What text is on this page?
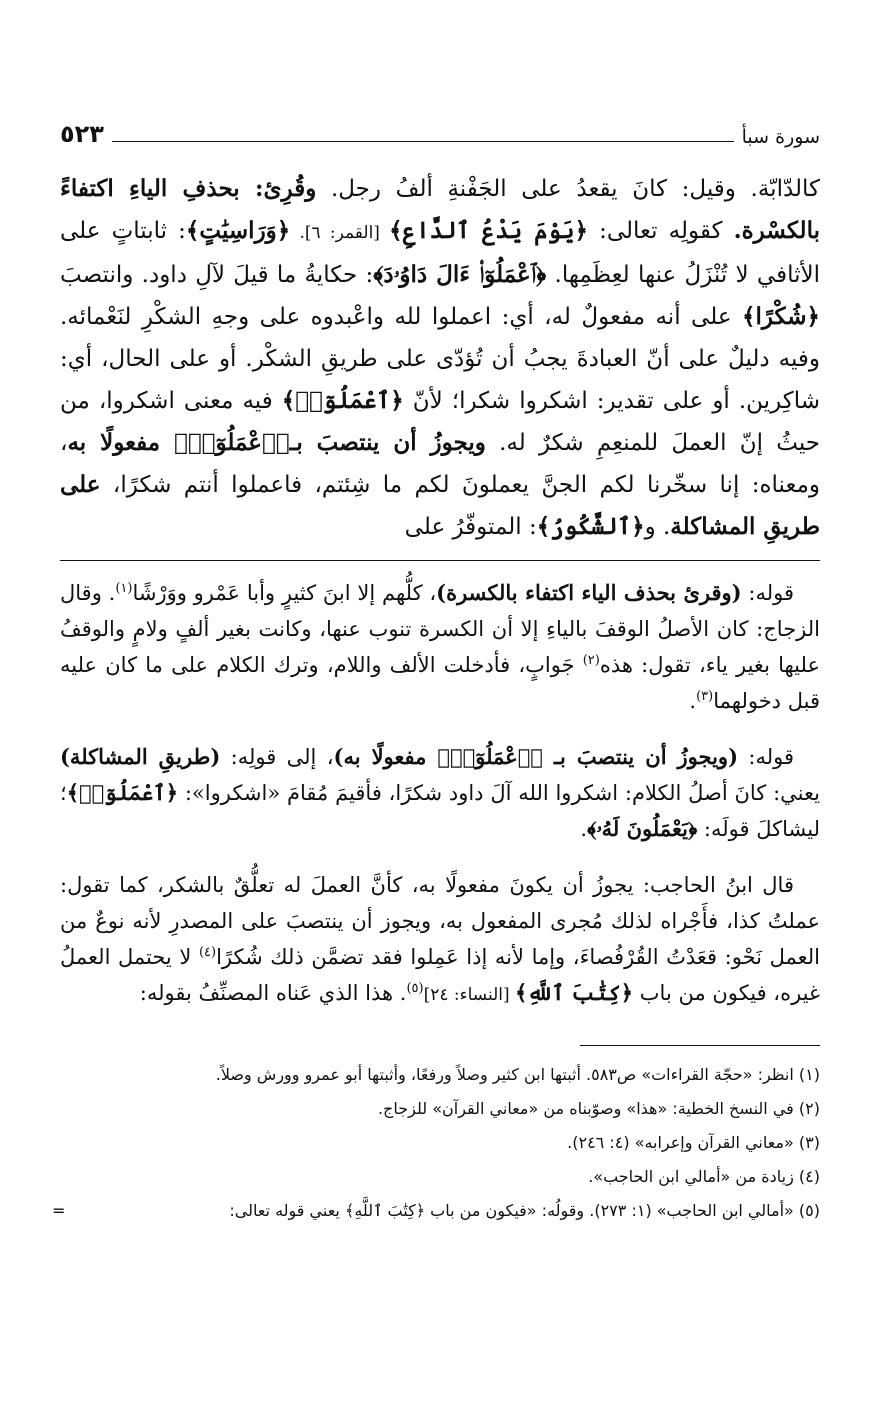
سورة سبأ
٥٢٣
كالدّابّة. وقيل: كانَ يقعدُ على الجَفْنةِ ألفُ رجل. وقُرِئ: بحذفِ الياءِ اكتفاءً بالكسْرة. كقولِه تعالى: ﴿يَوْمَ يَدْعُ ٱلدَّاعِ﴾ [القمر: ٦]. ﴿وَرَاسِيَٰتٍ﴾: ثابتاتٍ على الأثافي لا تُنْزَلُ عنها لعِظَمِها. ﴿ٱعْمَلُوٓا۟ ءَالَ دَاوُۥدَ﴾: حكايةُ ما قيلَ لآلِ داود. وانتصبَ ﴿شُكْرًا﴾ على أنه مفعولٌ له، أي: اعملوا لله واعْبدوه على وجهِ الشكْرِ لنَعْمائه. وفيه دليلٌ على أنّ العبادةَ يجبُ أن تُؤدّى على طريقِ الشكْر. أو على الحال، أي: شاكِرين. أو على تقدير: اشكروا شكرا؛ لأنّ ﴿ٱعْمَلُوٓا۟﴾ فيه معنى اشكروا، من حيثُ إنّ العملَ للمنعِمِ شكرٌ له. ويجوزُ أن ينتصبَ بـ﴿ٱعْمَلُوٓا۟﴾ مفعولًا به، ومعناه: إنا سخّرنا لكم الجنَّ يعملونَ لكم ما شِئتم، فاعملوا أنتم شكرًا، على طريقِ المشاكلة. و﴿ٱلشَّكُورُ﴾: المتوفّرُ على

قوله: (وقرئ بحذف الياء اكتفاء بالكسرة)، كلُّهم إلا ابنَ كثيرٍ وأبا عَمْرو ووَرْشًا$^{(١)}$. وقال الزجاج: كان الأصلُ الوقفَ بالياءِ إلا أن الكسرة تنوب عنها، وكانت بغير ألفٍ ولامٍ والوقفُ عليها بغير ياء، تقول: هذه$^{(٢)}$ جَوابٍ، فأدخلت الألف واللام، وترك الكلام على ما كان عليه قبل دخولهما$^{(٣)}$.

قوله: (ويجوزُ أن ينتصبَ بـ ﴿ٱعْمَلُوٓا۟﴾ مفعولًا به)، إلى قولِه: (طريقِ المشاكلة) يعني: كانَ أصلُ الكلام: اشكروا الله آلَ داود شكرًا، فأقيمَ مُقامَ «اشكروا»: ﴿ٱعْمَلُوٓا۟﴾؛ ليشاكلَ قولَه: ﴿يَعْمَلُونَ لَهُۥ﴾.

قال ابنُ الحاجب: يجوزُ أن يكونَ مفعولًا به، كأنَّ العملَ له تعلُّقٌ بالشكر، كما تقول: عملتُ كذا، فأَجْراه لذلك مُجرى المفعول به، ويجوز أن ينتصبَ على المصدرِ لأنه نوعٌ من العمل نَحْو: قعَدْتُ القُرْفُصاءَ، وإما لأنه إذا عَمِلوا فقد تضمَّن ذلك شُكرًا$^{(٤)}$ لا يحتمل العملُ غيره، فيكون من باب ﴿كِتَٰبَ ٱللَّهِ﴾ [النساء: ٢٤]$^{(٥)}$. هذا الذي عَناه المصنِّفُ بقوله:

(١) انظر: «حجّة القراءات» ص٥٨٣. أثبتها ابن كثير وصلاً ورفعًا، وأثبتها أبو عمرو وورش وصلاً.
(٢) في النسخ الخطية: «هذا» وصوّبناه من «معاني القرآن» للزجاج.
(٣) «معاني القرآن وإعرابه» (٤: ٢٤٦).
(٤) زيادة من «أمالي ابن الحاجب».
(٥) «أمالي ابن الحاجب» (١: ٢٧٣). وقولُه: «فيكون من باب ﴿كِتَٰبَ ٱللَّهِ﴾ يعني قوله تعالى:
=
